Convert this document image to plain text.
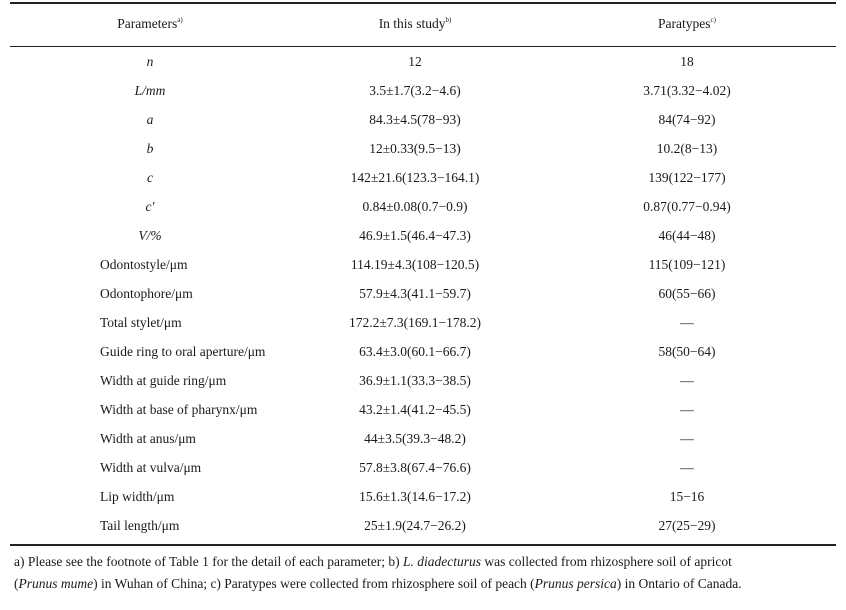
Parameters$^{a)}$	In this study$^{b)}$	Paratypes$^{c)}$
n	12	18
L/mm	3.5±1.7(3.2−4.6)	3.71(3.32−4.02)
a	84.3±4.5(78−93)	84(74−92)
b	12±0.33(9.5−13)	10.2(8−13)
c	142±21.6(123.3−164.1)	139(122−177)
c'	0.84±0.08(0.7−0.9)	0.87(0.77−0.94)
V/%	46.9±1.5(46.4−47.3)	46(44−48)
Odontostyle/μm	114.19±4.3(108−120.5)	115(109−121)
Odontophore/μm	57.9±4.3(41.1−59.7)	60(55−66)
Total stylet/μm	172.2±7.3(169.1−178.2)	—
Guide ring to oral aperture/μm	63.4±3.0(60.1−66.7)	58(50−64)
Width at guide ring/μm	36.9±1.1(33.3−38.5)	—
Width at base of pharynx/μm	43.2±1.4(41.2−45.5)	—
Width at anus/μm	44±3.5(39.3−48.2)	—
Width at vulva/μm	57.8±3.8(67.4−76.6)	—
Lip width/μm	15.6±1.3(14.6−17.2)	15−16
Tail length/μm	25±1.9(24.7−26.2)	27(25−29)
a) Please see the footnote of Table 1 for the detail of each parameter; b) L. diadecturus was collected from rhizosphere soil of apricot
(Prunus mume) in Wuhan of China; c) Paratypes were collected from rhizosphere soil of peach (Prunus persica) in Ontario of Canada.
